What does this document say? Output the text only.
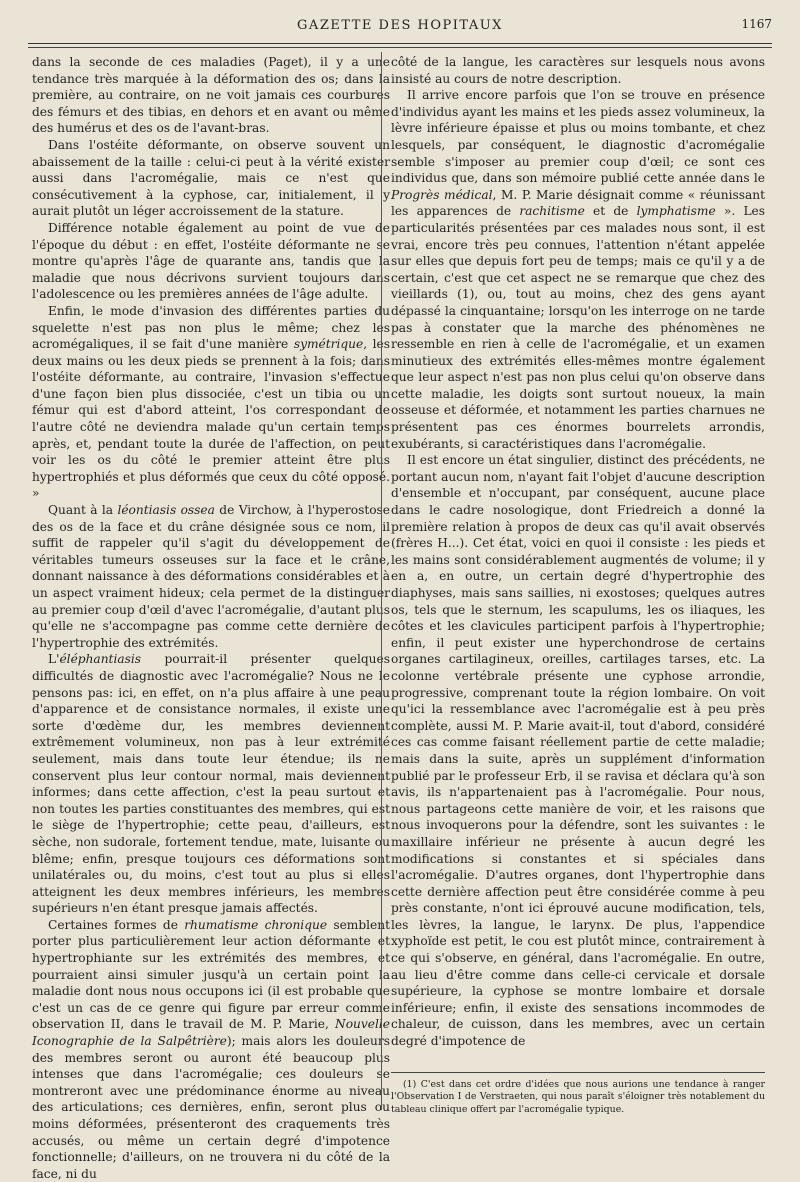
GAZETTE DES HOPITAUX	1167

dans la seconde de ces maladies (Paget), il y a une tendance très marquée à la déformation des os; dans la première, au contraire, on ne voit jamais ces courbures des fémurs et des tibias, en dehors et en avant ou même des humérus et des os de l'avant-bras.

Dans l'ostéite déformante, on observe souvent un abaissement de la taille : celui-ci peut à la vérité exister aussi dans l'acromégalie, mais ce n'est que consécutivement à la cyphose, car, initialement, il y aurait plutôt un léger accroissement de la stature.

Différence notable également au point de vue de l'époque du début : en effet, l'ostéite déformante ne se montre qu'après l'âge de quarante ans, tandis que la maladie que nous décrivons survient toujours dans l'adolescence ou les premières années de l'âge adulte.

Enfin, le mode d'invasion des différentes parties du squelette n'est pas non plus le même; chez les acromégaliques, il se fait d'une manière symétrique, les deux mains ou les deux pieds se prennent à la fois; dans l'ostéite déformante, au contraire, l'invasion s'effectue d'une façon bien plus dissociée, c'est un tibia ou un fémur qui est d'abord atteint, l'os correspondant de l'autre côté ne deviendra malade qu'un certain temps après, et, pendant toute la durée de l'affection, on peut voir les os du côté le premier atteint être plus hypertrophiés et plus déformés que ceux du côté opposé. »

Quant à la léontiasis ossea de Virchow, à l'hyperostose des os de la face et du crâne désignée sous ce nom, il suffit de rappeler qu'il s'agit du développement de véritables tumeurs osseuses sur la face et le crâne, donnant naissance à des déformations considérables et à un aspect vraiment hideux; cela permet de la distinguer au premier coup d'œil d'avec l'acromégalie, d'autant plus qu'elle ne s'accompagne pas comme cette dernière de l'hypertrophie des extrémités.

L'éléphantiasis pourrait-il présenter quelques difficultés de diagnostic avec l'acromégalie? Nous ne le pensons pas: ici, en effet, on n'a plus affaire à une peau d'apparence et de consistance normales, il existe une sorte d'œdème dur, les membres deviennent extrêmement volumineux, non pas à leur extrémité seulement, mais dans toute leur étendue; ils ne conservent plus leur contour normal, mais deviennent informes; dans cette affection, c'est la peau surtout et non toutes les parties constituantes des membres, qui est le siège de l'hypertrophie; cette peau, d'ailleurs, est sèche, non sudorale, fortement tendue, mate, luisante ou blême; enfin, presque toujours ces déformations sont unilatérales ou, du moins, c'est tout au plus si elles atteignent les deux membres inférieurs, les membres supérieurs n'en étant presque jamais affectés.

Certaines formes de rhumatisme chronique semblent porter plus particulièrement leur action déformante et hypertrophiante sur les extrémités des membres, et pourraient ainsi simuler jusqu'à un certain point la maladie dont nous nous occupons ici (il est probable que c'est un cas de ce genre qui figure par erreur comme observation II, dans le travail de M. P. Marie, Nouvelle Iconographie de la Salpêtrière); mais alors les douleurs des membres seront ou auront été beaucoup plus intenses que dans l'acromégalie; ces douleurs se montreront avec une prédominance énorme au niveau des articulations; ces dernières, enfin, seront plus ou moins déformées, présenteront des craquements très accusés, ou même un certain degré d'impotence fonctionnelle; d'ailleurs, on ne trouvera ni du côté de la face, ni du

côté de la langue, les caractères sur lesquels nous avons insisté au cours de notre description.

Il arrive encore parfois que l'on se trouve en présence d'individus ayant les mains et les pieds assez volumineux, la lèvre inférieure épaisse et plus ou moins tombante, et chez lesquels, par conséquent, le diagnostic d'acromégalie semble s'imposer au premier coup d'œil; ce sont ces individus que, dans son mémoire publié cette année dans le Progrès médical, M. P. Marie désignait comme « réunissant les apparences de rachitisme et de lymphatisme ». Les particularités présentées par ces malades nous sont, il est vrai, encore très peu connues, l'attention n'étant appelée sur elles que depuis fort peu de temps; mais ce qu'il y a de certain, c'est que cet aspect ne se remarque que chez des vieillards (1), ou, tout au moins, chez des gens ayant dépassé la cinquantaine; lorsqu'on les interroge on ne tarde pas à constater que la marche des phénomènes ne ressemble en rien à celle de l'acromégalie, et un examen minutieux des extrémités elles-mêmes montre également que leur aspect n'est pas non plus celui qu'on observe dans cette maladie, les doigts sont surtout noueux, la main osseuse et déformée, et notamment les parties charnues ne présentent pas ces énormes bourrelets arrondis, exubérants, si caractéristiques dans l'acromégalie.

Il est encore un état singulier, distinct des précédents, ne portant aucun nom, n'ayant fait l'objet d'aucune description d'ensemble et n'occupant, par conséquent, aucune place dans le cadre nosologique, dont Friedreich a donné la première relation à propos de deux cas qu'il avait observés (frères H...). Cet état, voici en quoi il consiste : les pieds et les mains sont considérablement augmentés de volume; il y en a, en outre, un certain degré d'hypertrophie des diaphyses, mais sans saillies, ni exostoses; quelques autres os, tels que le sternum, les scapulums, les os iliaques, les côtes et les clavicules participent parfois à l'hypertrophie; enfin, il peut exister une hyperchondrose de certains organes cartilagineux, oreilles, cartilages tarses, etc. La colonne vertébrale présente une cyphose arrondie, progressive, comprenant toute la région lombaire. On voit qu'ici la ressemblance avec l'acromégalie est à peu près complète, aussi M. P. Marie avait-il, tout d'abord, considéré ces cas comme faisant réellement partie de cette maladie; mais dans la suite, après un supplément d'information publié par le professeur Erb, il se ravisa et déclara qu'à son avis, ils n'appartenaient pas à l'acromégalie. Pour nous, nous partageons cette manière de voir, et les raisons que nous invoquerons pour la défendre, sont les suivantes : le maxillaire inférieur ne présente à aucun degré les modifications si constantes et si spéciales dans l'acromégalie. D'autres organes, dont l'hypertrophie dans cette dernière affection peut être considérée comme à peu près constante, n'ont ici éprouvé aucune modification, tels, les lèvres, la langue, le larynx. De plus, l'appendice xyphoïde est petit, le cou est plutôt mince, contrairement à ce qui s'observe, en général, dans l'acromégalie. En outre, au lieu d'être comme dans celle-ci cervicale et dorsale supérieure, la cyphose se montre lombaire et dorsale inférieure; enfin, il existe des sensations incommodes de chaleur, de cuisson, dans les membres, avec un certain degré d'impotence de

(1) C'est dans cet ordre d'idées que nous aurions une tendance à ranger l'Observation I de Verstraeten, qui nous paraît s'éloigner très notablement du tableau clinique offert par l'acromégalie typique.
